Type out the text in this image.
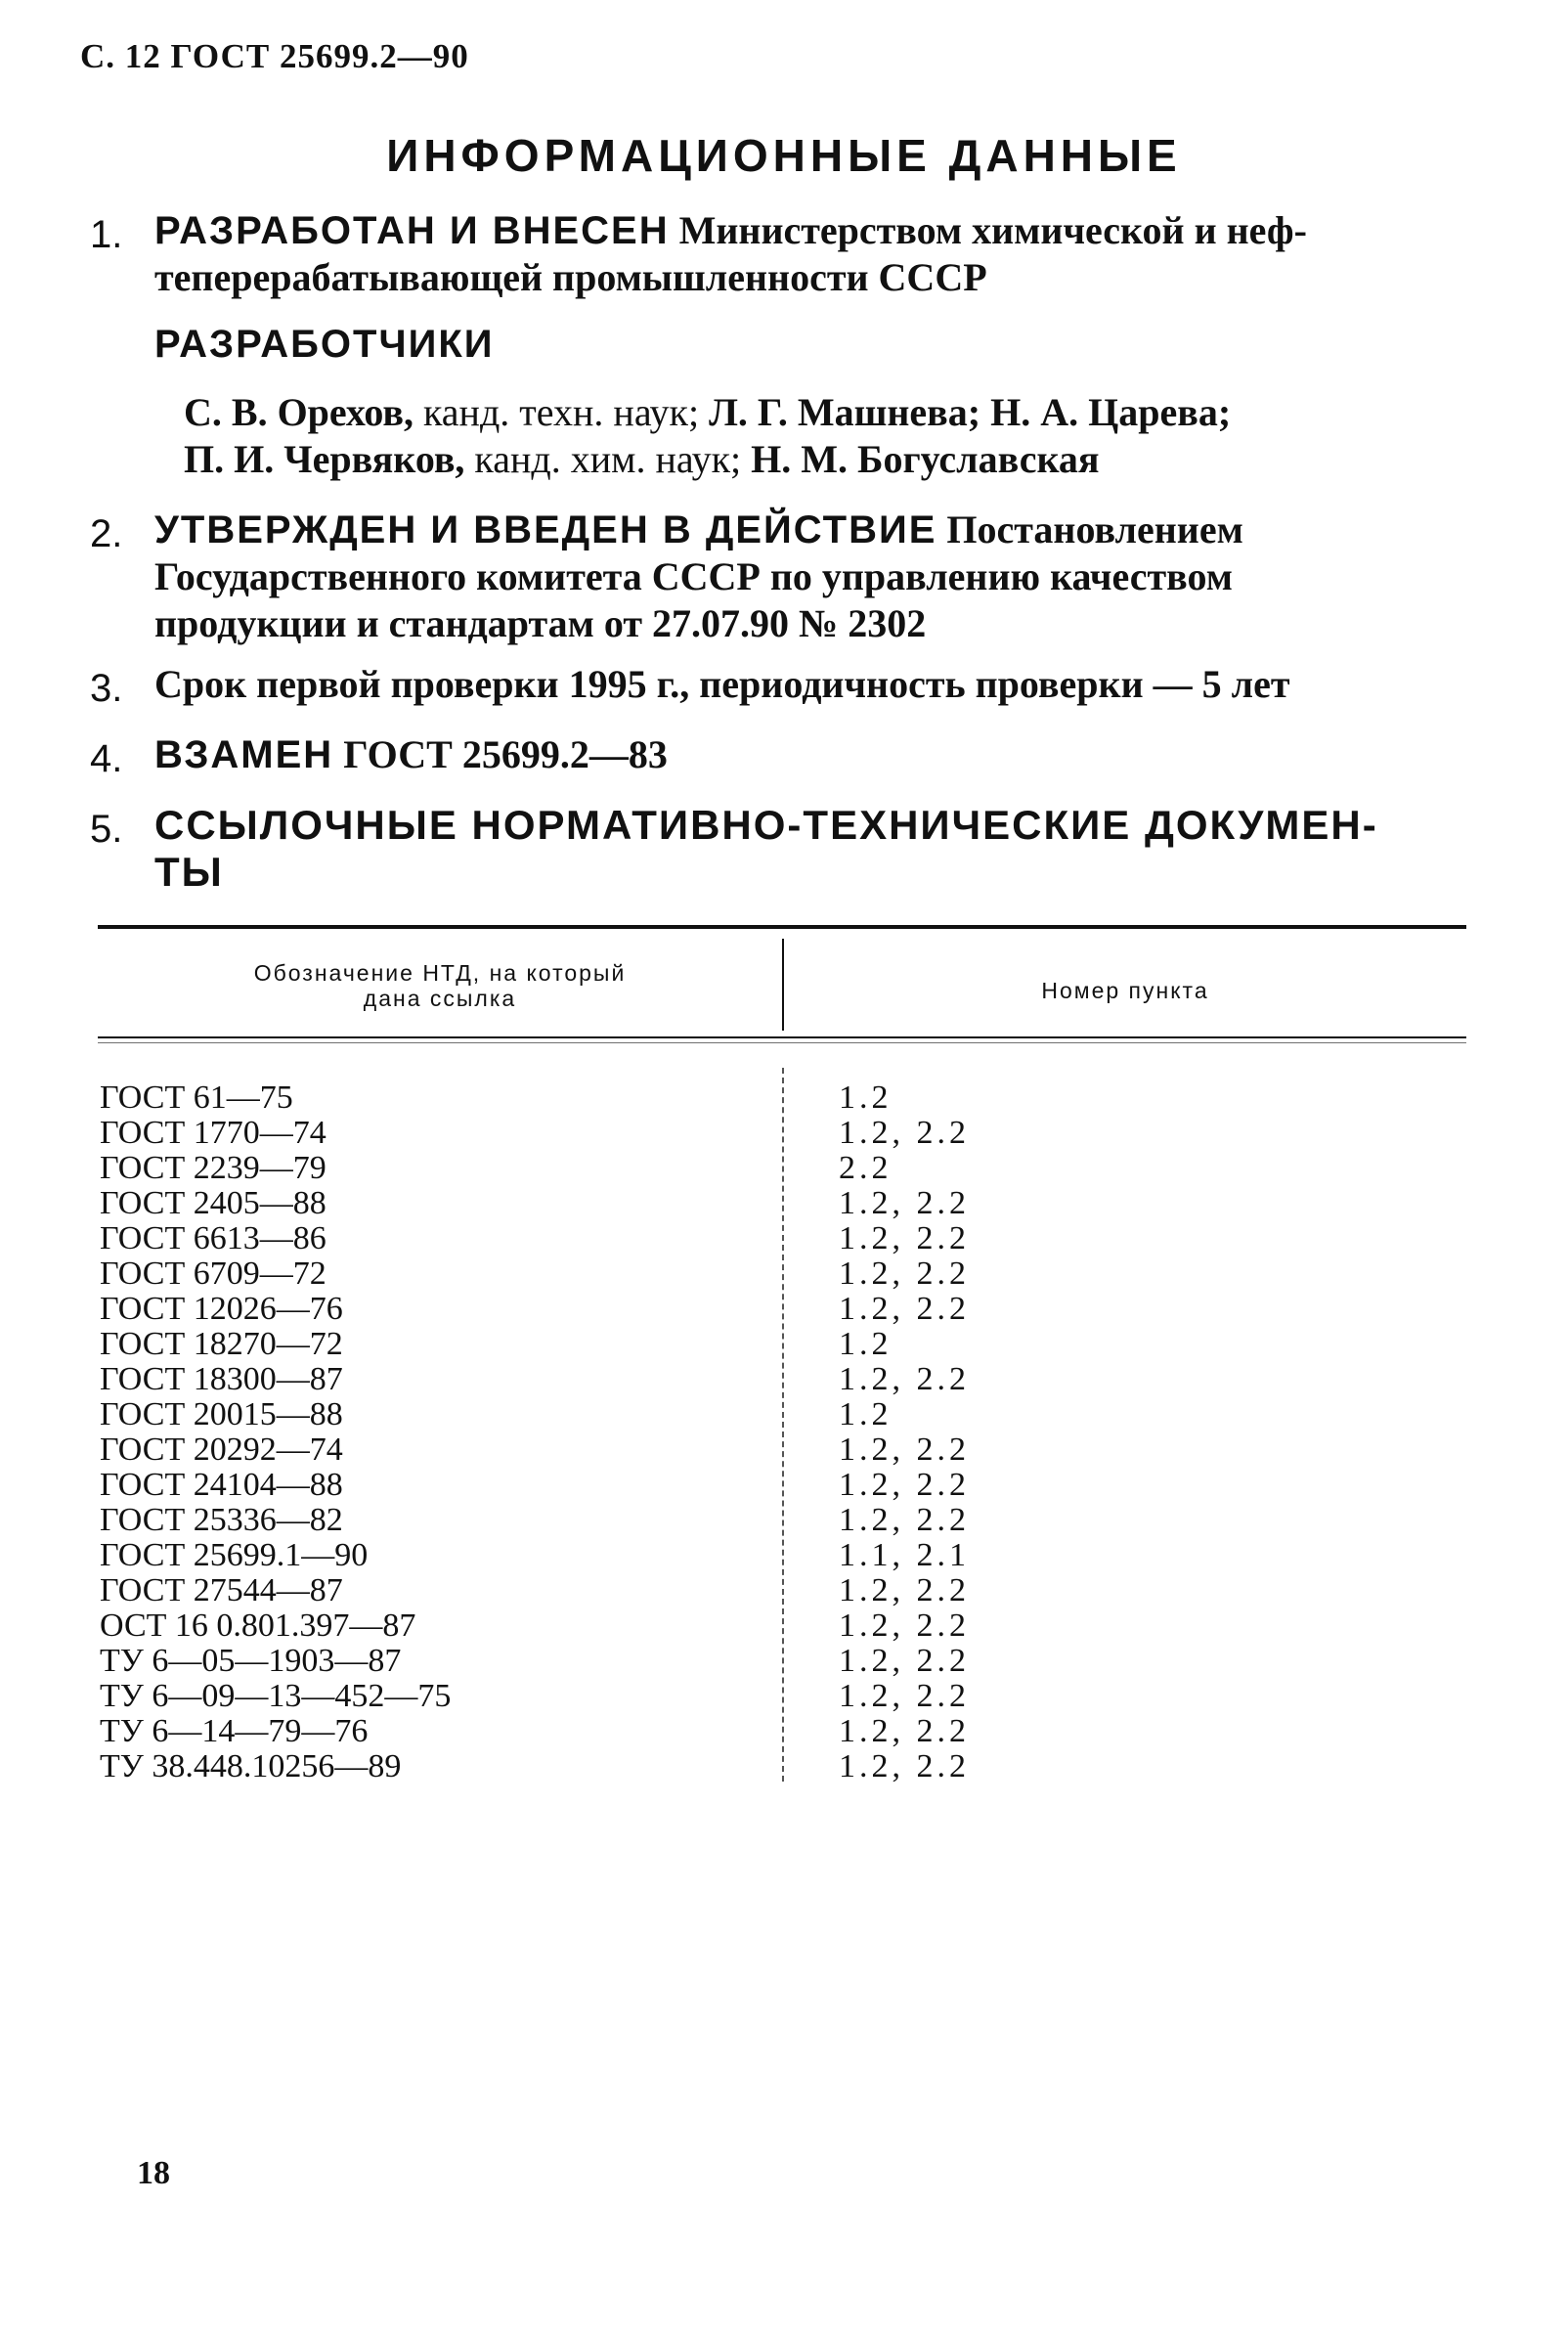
С. 12 ГОСТ 25699.2—90
ИНФОРМАЦИОННЫЕ ДАННЫЕ
1. РАЗРАБОТАН И ВНЕСЕН Министерством химической и неф-
теперерабатывающей промышленности СССР
РАЗРАБОТЧИКИ
С. В. Орехов, канд. техн. наук; Л. Г. Машнева; Н. А. Царева;
П. И. Червяков, канд. хим. наук; Н. М. Богуславская
2. УТВЕРЖДЕН И ВВЕДЕН В ДЕЙСТВИЕ Постановлением
Государственного комитета СССР по управлению качеством
продукции и стандартам от 27.07.90 № 2302
3. Срок первой проверки 1995 г., периодичность проверки — 5 лет
4. ВЗАМЕН ГОСТ 25699.2—83
5. ССЫЛОЧНЫЕ НОРМАТИВНО-ТЕХНИЧЕСКИЕ ДОКУМЕН-
ТЫ
Обозначение НТД, на который
дана ссылка	Номер пункта
ГОСТ 61—75	1.2
ГОСТ 1770—74	1.2, 2.2
ГОСТ 2239—79	2.2
ГОСТ 2405—88	1.2, 2.2
ГОСТ 6613—86	1.2, 2.2
ГОСТ 6709—72	1.2, 2.2
ГОСТ 12026—76	1.2, 2.2
ГОСТ 18270—72	1.2
ГОСТ 18300—87	1.2, 2.2
ГОСТ 20015—88	1.2
ГОСТ 20292—74	1.2, 2.2
ГОСТ 24104—88	1.2, 2.2
ГОСТ 25336—82	1.2, 2.2
ГОСТ 25699.1—90	1.1, 2.1
ГОСТ 27544—87	1.2, 2.2
ОСТ 16 0.801.397—87	1.2, 2.2
ТУ 6—05—1903—87	1.2, 2.2
ТУ 6—09—13—452—75	1.2, 2.2
ТУ 6—14—79—76	1.2, 2.2
ТУ 38.448.10256—89	1.2, 2.2
18
